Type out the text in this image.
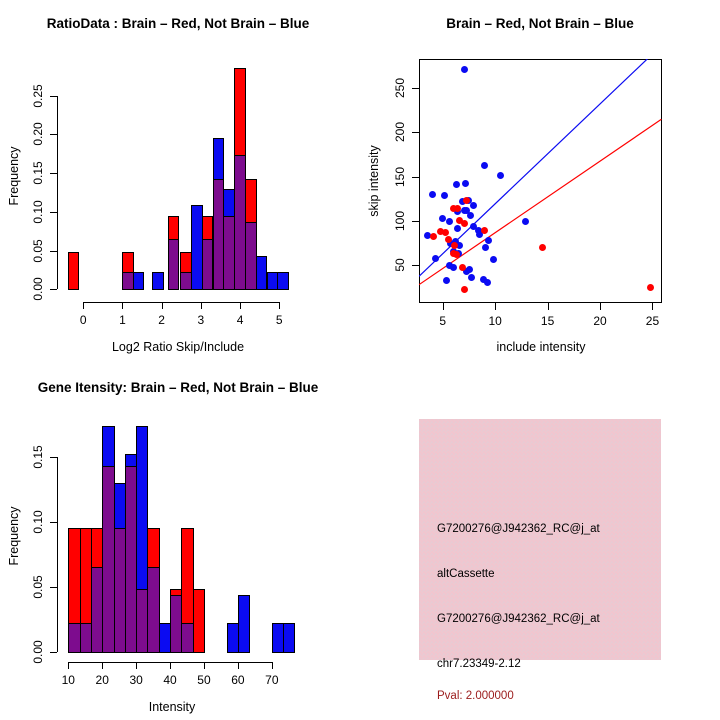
RatioData : Brain – Red, Not Brain – Blue
Log2 Ratio Skip/Include
Frequency
0	1	2	3	4	5
0.00
0.05
0.10
0.15
0.20
0.25
Brain – Red, Not Brain – Blue
include intensity
skip intensity
5	10	15	20	25
50
100
150
200
250
Gene Itensity: Brain – Red, Not Brain – Blue
Intensity
Frequency
10 20 30 40 50 60 70
0.00
0.05
0.10
0.15
G7200276@J942362_RC@j_at
altCassette
G7200276@J942362_RC@j_at
chr7.23349-2.12
Pval: 2.000000
